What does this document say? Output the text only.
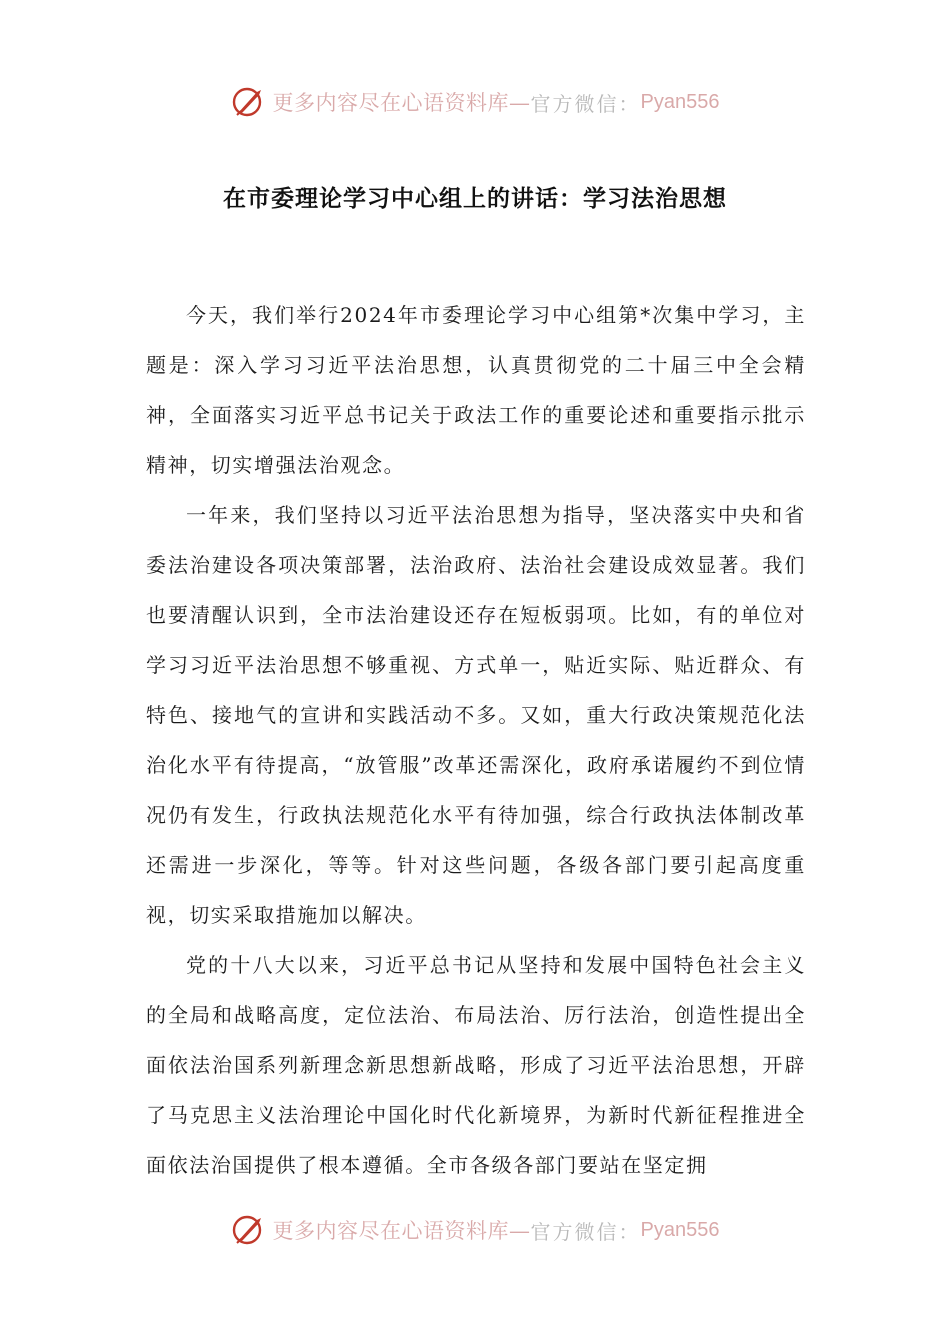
更多内容尽在心语资料库— 官方微信： Pyan556
在市委理论学习中心组上的讲话：学习法治思想

今天，我们举行2024年市委理论学习中心组第*次集中学习，主题是：深入学习习近平法治思想，认真贯彻党的二十届三中全会精神，全面落实习近平总书记关于政法工作的重要论述和重要指示批示精神，切实增强法治观念。

一年来，我们坚持以习近平法治思想为指导，坚决落实中央和省委法治建设各项决策部署，法治政府、法治社会建设成效显著。我们也要清醒认识到，全市法治建设还存在短板弱项。比如，有的单位对学习习近平法治思想不够重视、方式单一，贴近实际、贴近群众、有特色、接地气的宣讲和实践活动不多。又如，重大行政决策规范化法治化水平有待提高，“放管服”改革还需深化，政府承诺履约不到位情况仍有发生，行政执法规范化水平有待加强，综合行政执法体制改革还需进一步深化，等等。针对这些问题，各级各部门要引起高度重视，切实采取措施加以解决。

党的十八大以来，习近平总书记从坚持和发展中国特色社会主义的全局和战略高度，定位法治、布局法治、厉行法治，创造性提出全面依法治国系列新理念新思想新战略，形成了习近平法治思想，开辟了马克思主义法治理论中国化时代化新境界，为新时代新征程推进全面依法治国提供了根本遵循。全市各级各部门要站在坚定拥

更多内容尽在心语资料库— 官方微信： Pyan556
